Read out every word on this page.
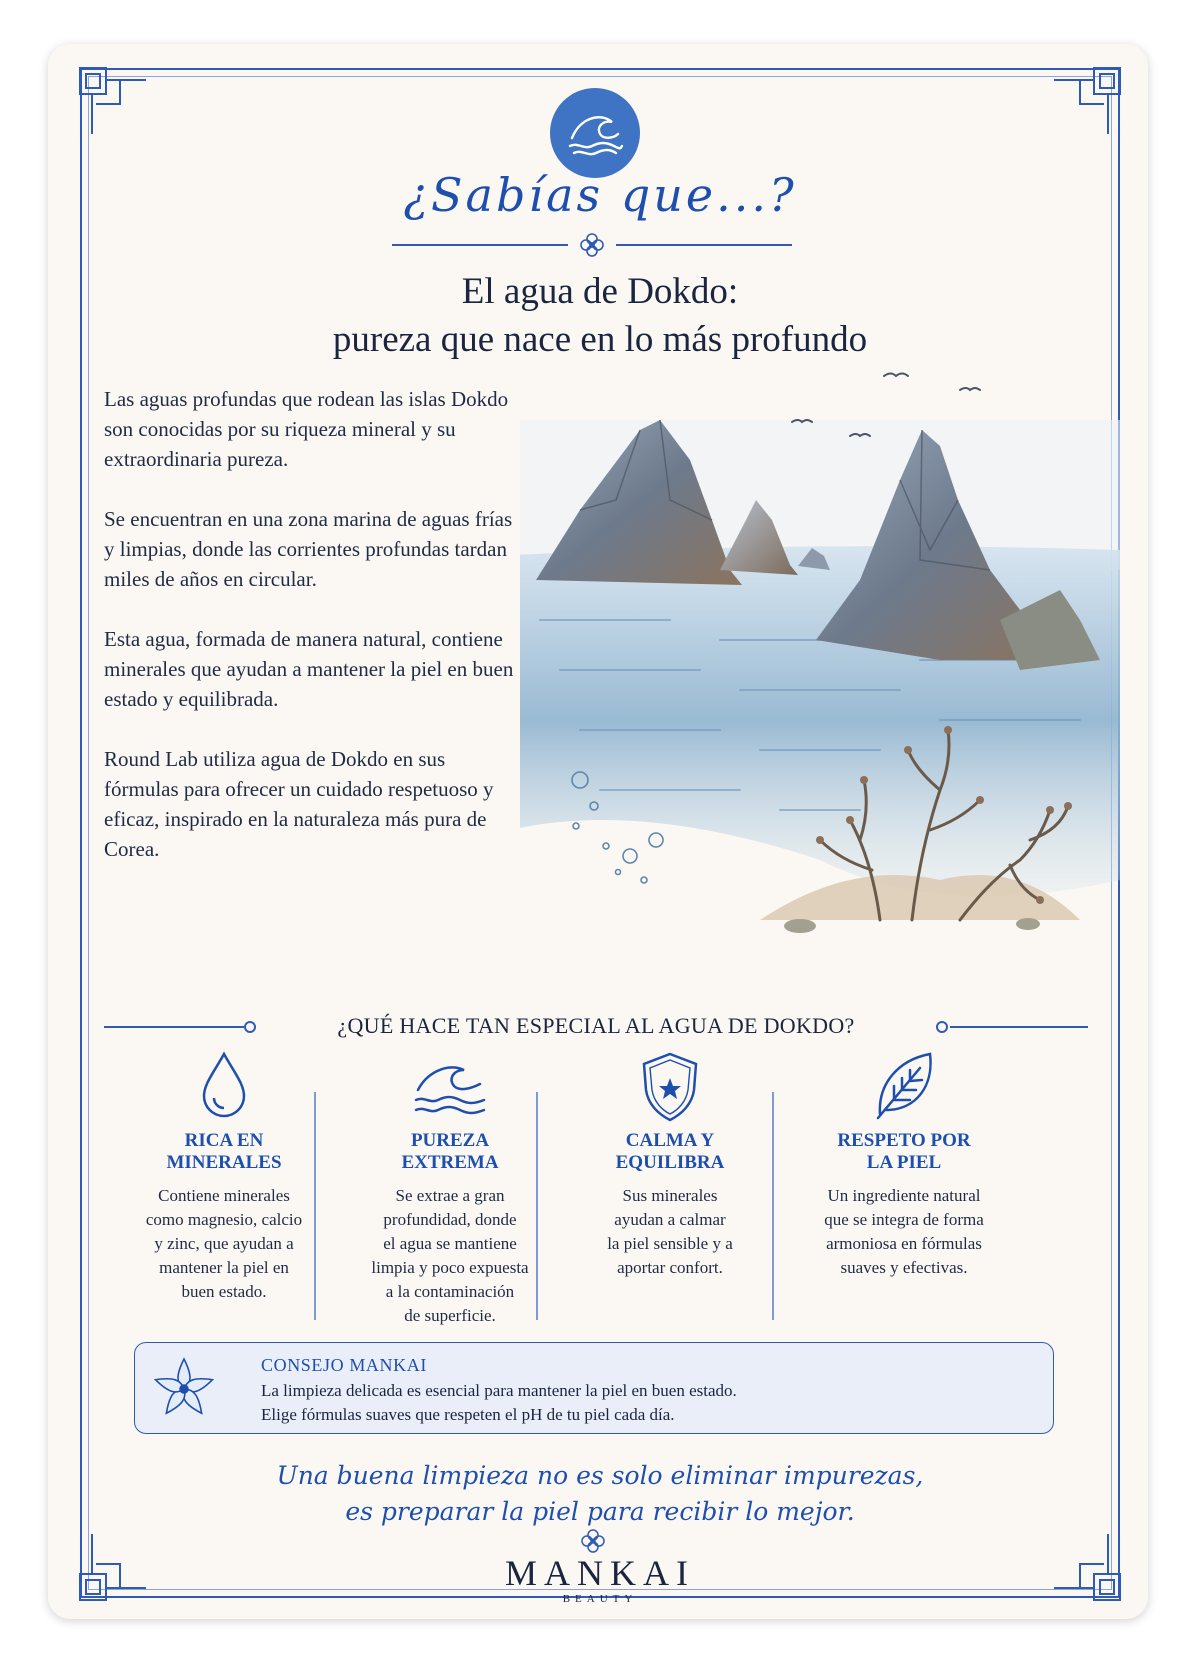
¿Sabías que...?
El agua de Dokdo:
pureza que nace en lo más profundo

Las aguas profundas que rodean las islas Dokdo son conocidas por su riqueza mineral y su extraordinaria pureza.

Se encuentran en una zona marina de aguas frías y limpias, donde las corrientes profundas tardan miles de años en circular.

Esta agua, formada de manera natural, contiene minerales que ayudan a mantener la piel en buen estado y equilibrada.

Round Lab utiliza agua de Dokdo en sus fórmulas para ofrecer un cuidado respetuoso y eficaz, inspirado en la naturaleza más pura de Corea.

¿QUÉ HACE TAN ESPECIAL AL AGUA DE DOKDO?
RICA EN
MINERALES
Contiene minerales
como magnesio, calcio
y zinc, que ayudan a
mantener la piel en
buen estado.
PUREZA
EXTREMA
Se extrae a gran
profundidad, donde
el agua se mantiene
limpia y poco expuesta
a la contaminación
de superficie.
CALMA Y
EQUILIBRA
Sus minerales
ayudan a calmar
la piel sensible y a
aportar confort.
RESPETO POR
LA PIEL
Un ingrediente natural
que se integra de forma
armoniosa en fórmulas
suaves y efectivas.
CONSEJO MANKAI
La limpieza delicada es esencial para mantener la piel en buen estado.
Elige fórmulas suaves que respeten el pH de tu piel cada día.
Una buena limpieza no es solo eliminar impurezas,
es preparar la piel para recibir lo mejor.
MANKAI
BEAUTY
